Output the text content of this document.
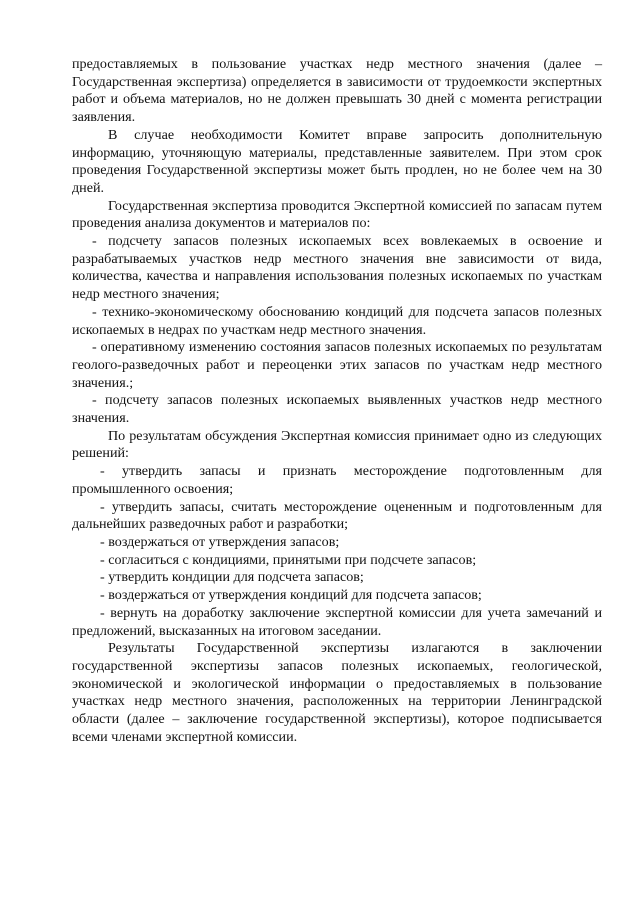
предоставляемых в пользование участках недр местного значения (далее – Государственная экспертиза) определяется в зависимости от трудоемкости экспертных работ и объема материалов, но не должен превышать 30 дней с момента регистрации заявления.

В случае необходимости Комитет вправе запросить дополнительную информацию, уточняющую материалы, представленные заявителем. При этом срок проведения Государственной экспертизы может быть продлен, но не более чем на 30 дней.

Государственная экспертиза проводится Экспертной комиссией по запасам путем проведения анализа документов и материалов по:

- подсчету запасов полезных ископаемых всех вовлекаемых в освоение и разрабатываемых участков недр местного значения вне зависимости от вида, количества, качества и направления использования полезных ископаемых по участкам недр местного значения;

- технико-экономическому обоснованию кондиций для подсчета запасов полезных ископаемых в недрах по участкам недр местного значения.

- оперативному изменению состояния запасов полезных ископаемых по результатам геолого-разведочных работ и переоценки этих запасов по участкам недр местного значения.;

- подсчету запасов полезных ископаемых выявленных участков недр местного значения.

По результатам обсуждения Экспертная комиссия принимает одно из следующих решений:

- утвердить запасы и признать месторождение подготовленным для промышленного освоения;

- утвердить запасы, считать месторождение оцененным и подготовленным для дальнейших разведочных работ и разработки;

- воздержаться от утверждения запасов;

- согласиться с кондициями, принятыми при подсчете запасов;

- утвердить кондиции для подсчета запасов;

- воздержаться от утверждения кондиций для подсчета запасов;

- вернуть на доработку заключение экспертной комиссии для учета замечаний и предложений, высказанных на итоговом заседании.

Результаты Государственной экспертизы излагаются в заключении государственной экспертизы запасов полезных ископаемых, геологической, экономической и экологической информации о предоставляемых в пользование участках недр местного значения, расположенных на территории Ленинградской области (далее – заключение государственной экспертизы), которое подписывается всеми членами экспертной комиссии.
